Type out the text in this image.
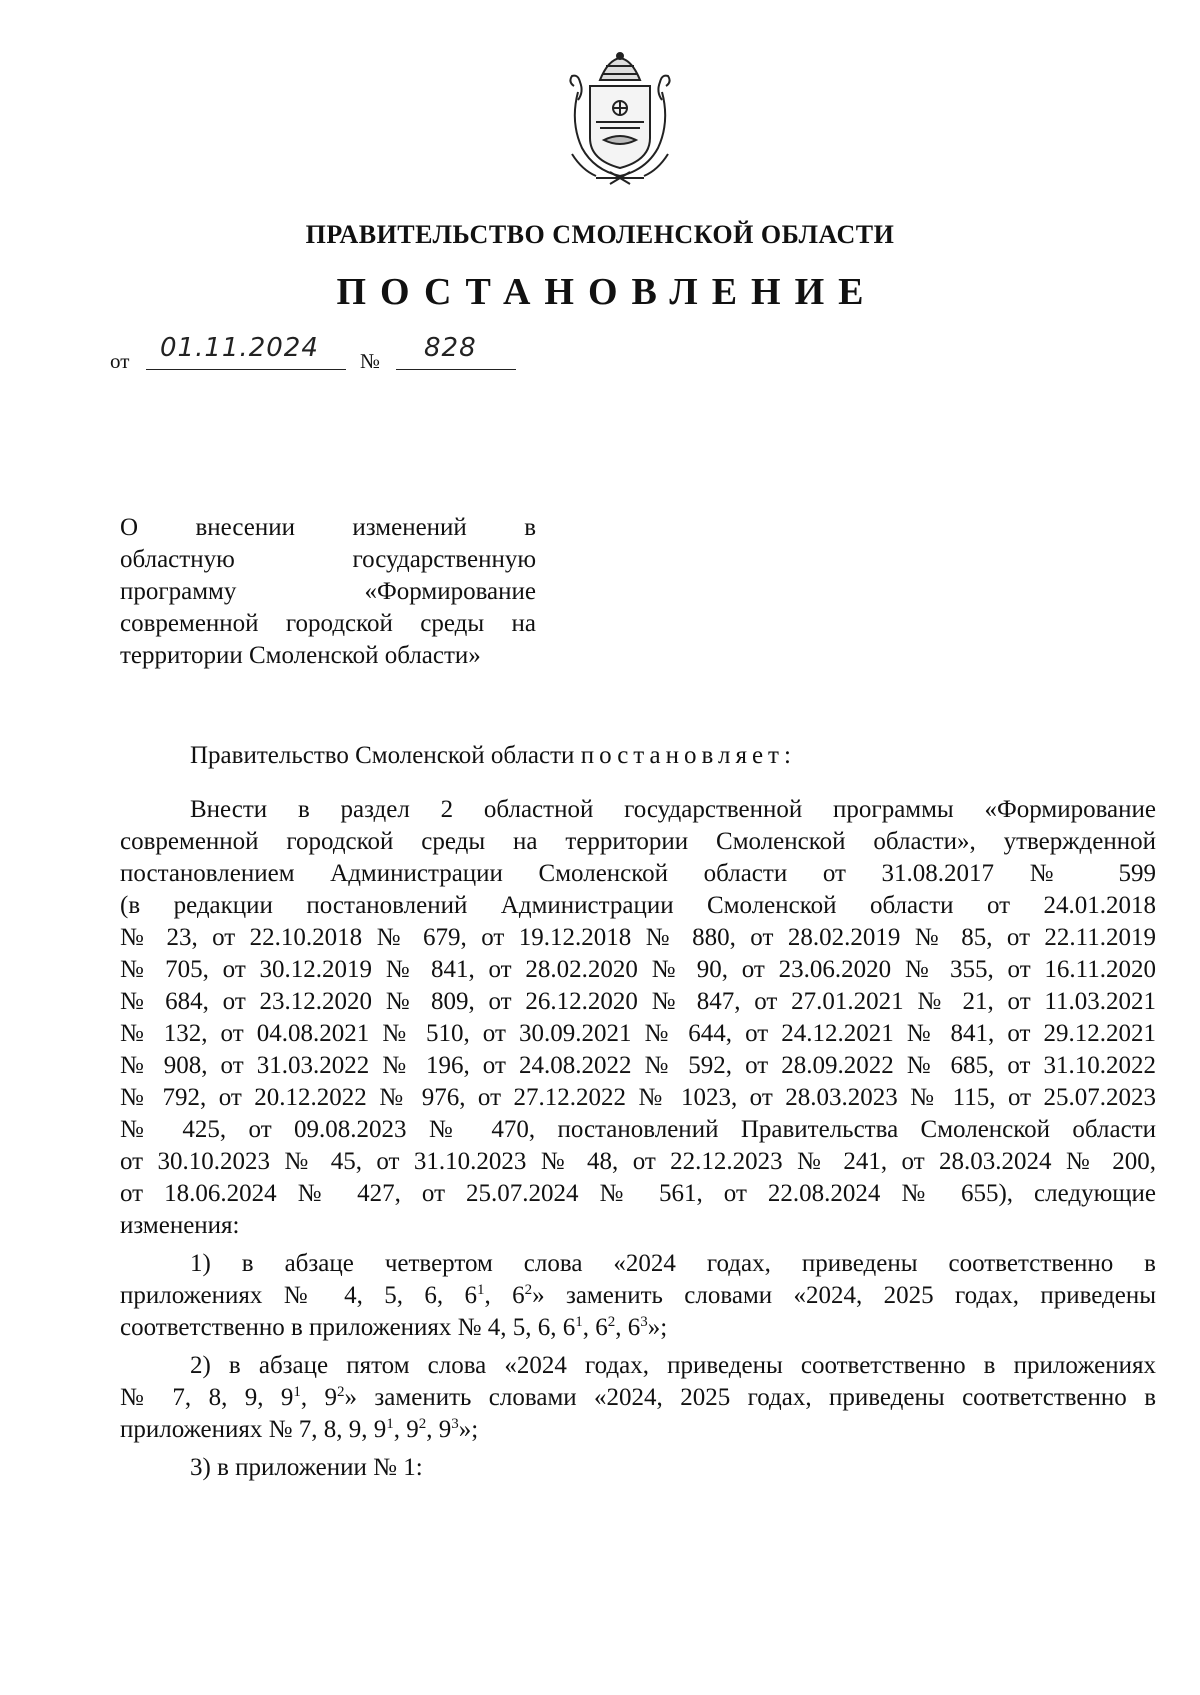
ПРАВИТЕЛЬСТВО СМОЛЕНСКОЙ ОБЛАСТИ
ПОСТАНОВЛЕНИЕ
от 01.11.2024 № 828
О внесении изменений в
областную государственную
программу «Формирование
современной городской среды на
территории Смоленской области»
Правительство Смоленской области постановляет:
Внести в раздел 2 областной государственной программы «Формирование
современной городской среды на территории Смоленской области», утвержденной
постановлением Администрации Смоленской области от 31.08.2017 № 599
(в редакции постановлений Администрации Смоленской области от 24.01.2018
№ 23, от 22.10.2018 № 679, от 19.12.2018 № 880, от 28.02.2019 № 85, от 22.11.2019
№ 705, от 30.12.2019 № 841, от 28.02.2020 № 90, от 23.06.2020 № 355, от 16.11.2020
№ 684, от 23.12.2020 № 809, от 26.12.2020 № 847, от 27.01.2021 № 21, от 11.03.2021
№ 132, от 04.08.2021 № 510, от 30.09.2021 № 644, от 24.12.2021 № 841, от 29.12.2021
№ 908, от 31.03.2022 № 196, от 24.08.2022 № 592, от 28.09.2022 № 685, от 31.10.2022
№ 792, от 20.12.2022 № 976, от 27.12.2022 № 1023, от 28.03.2023 № 115, от 25.07.2023
№ 425, от 09.08.2023 № 470, постановлений Правительства Смоленской области
от 30.10.2023 № 45, от 31.10.2023 № 48, от 22.12.2023 № 241, от 28.03.2024 № 200,
от 18.06.2024 № 427, от 25.07.2024 № 561, от 22.08.2024 № 655), следующие
изменения:
1) в абзаце четвертом слова «2024 годах, приведены соответственно в
приложениях № 4, 5, 6, $6^1$, $6^2$» заменить словами «2024, 2025 годах, приведены
соответственно в приложениях № 4, 5, 6, $6^1$, $6^2$, $6^3$»;
2) в абзаце пятом слова «2024 годах, приведены соответственно в приложениях
№ 7, 8, 9, $9^1$, $9^2$» заменить словами «2024, 2025 годах, приведены соответственно в
приложениях № 7, 8, 9, $9^1$, $9^2$, $9^3$»;
3) в приложении № 1:
